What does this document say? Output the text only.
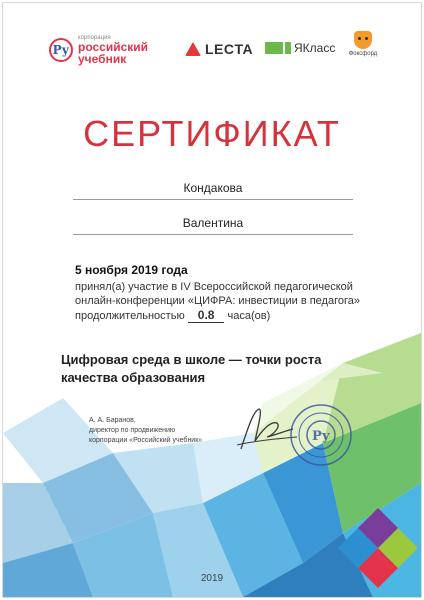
Ру
корпорация
российский
учебник
LECTA	ЯКласс	Фоксфорд
СЕРТИФИКАТ
Кондакова
Валентина
5 ноября 2019 года
принял(а) участие в IV Всероссийской педагогической онлайн-конференции «ЦИФРА: инвестиции в педагога»
продолжительностью 0.8 часа(ов)
Цифровая среда в школе — точки роста качества образования
А. А. Баранов,
директор по продвижению
корпорации «Российский учебник»	Ру
2019
